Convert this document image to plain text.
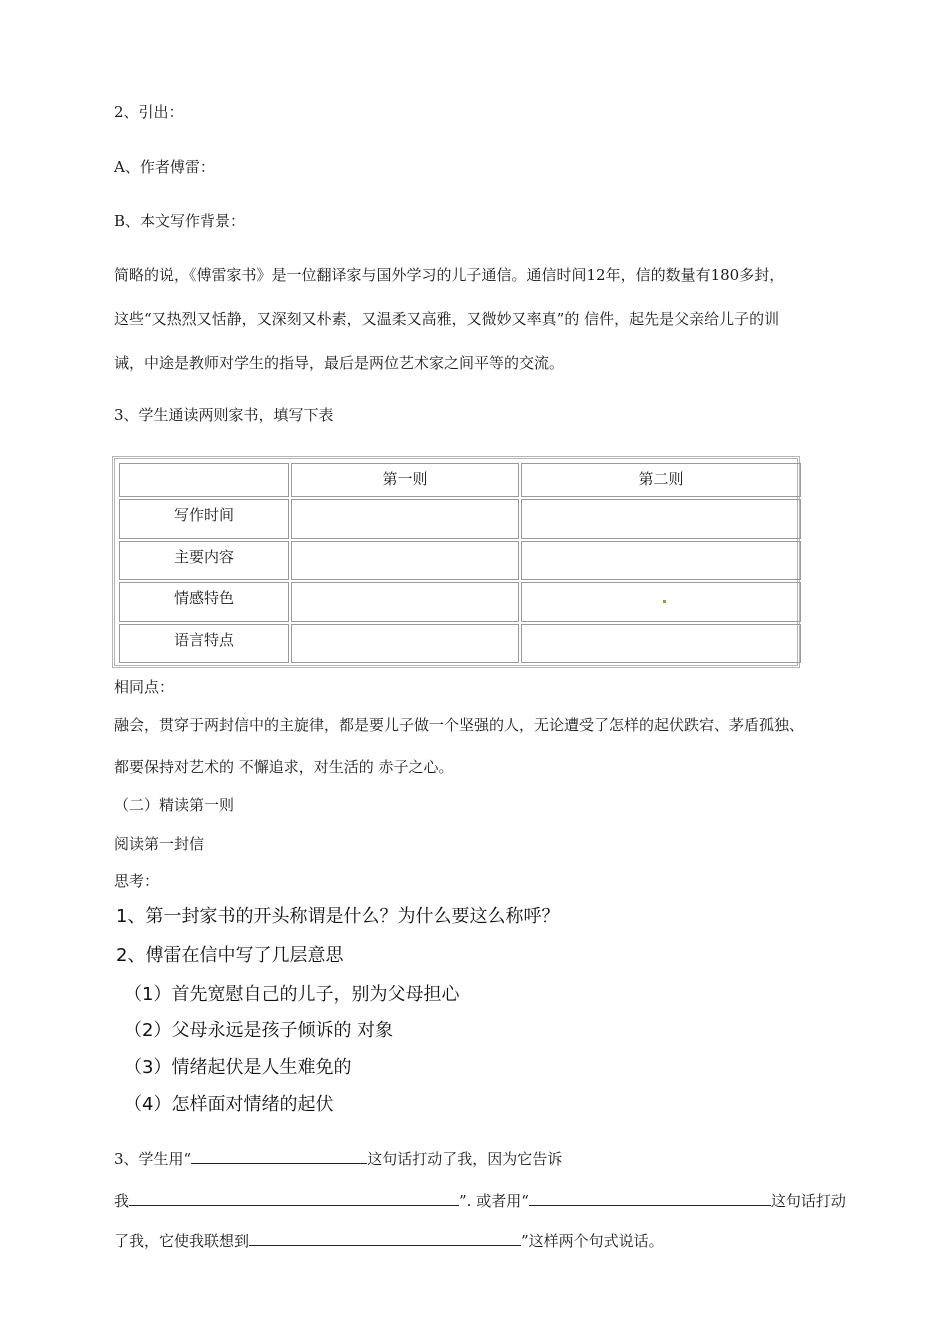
2、引出：
A、作者傅雷：
B、本文写作背景：
简略的说，《傅雷家书》是一位翻译家与国外学习的儿子通信。通信时间12年，信的数量有180多封，
这些“又热烈又恬静，又深刻又朴素，又温柔又高雅，又微妙又率真”的 信件，起先是父亲给儿子的训
诫，中途是教师对学生的指导，最后是两位艺术家之间平等的交流。
3、学生通读两则家书，填写下表
	第一则	第二则
写作时间		
主要内容		
情感特色		
语言特点		
相同点：
融会，贯穿于两封信中的主旋律，都是要儿子做一个坚强的人，无论遭受了怎样的起伏跌宕、茅盾孤独、
都要保持对艺术的 不懈追求，对生活的 赤子之心。
（二）精读第一则
阅读第一封信
思考：
1、第一封家书的开头称谓是什么？为什么要这么称呼？
2、傅雷在信中写了几层意思
（1）首先宽慰自己的儿子，别为父母担心
（2）父母永远是孩子倾诉的 对象
（3）情绪起伏是人生难免的
（4）怎样面对情绪的起伏
3、学生用“	这句话打动了我，因为它告诉
我	”. 或者用“	这句话打动
了我，它使我联想到	”这样两个句式说话。
